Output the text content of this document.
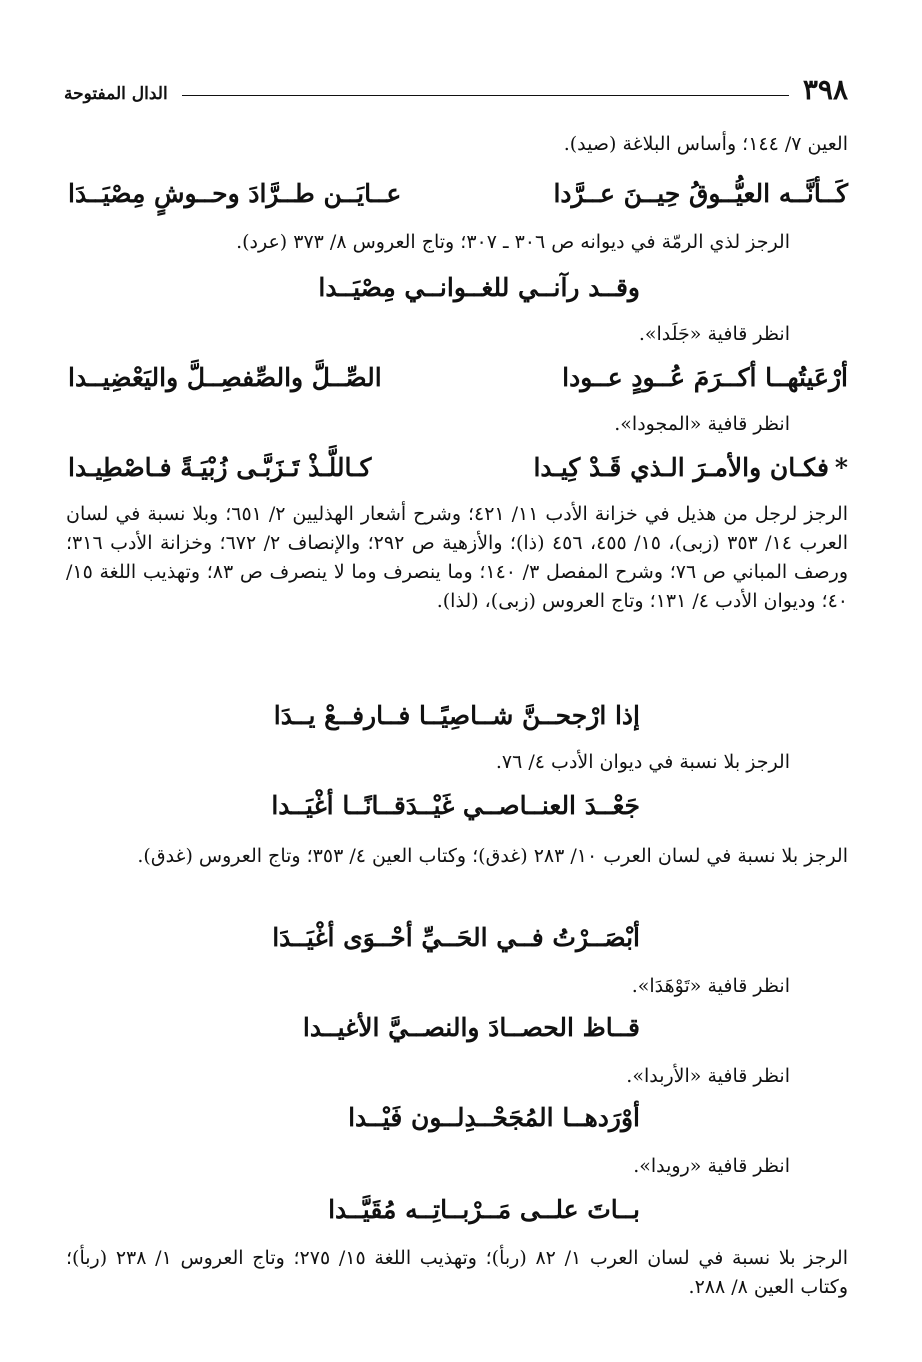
٣٩٨
الدال المفتوحة
العين ٧/ ١٤٤؛ وأساس البلاغة (صيد).
كَــأنَّــه العيُّــوقُ حِيــنَ عــرَّدا
عــايَــن طــرَّادَ وحــوشٍ مِصْيَــدَا
الرجز لذي الرمّة في ديوانه ص ٣٠٦ ـ ٣٠٧؛ وتاج العروس ٨/ ٣٧٣ (عرد).
وقــد رآنــي للغــوانــي مِصْيَــدا
انظر قافية «جَلَدا».
أرْعَيتُهــا أكــرَمَ عُــودٍ عــودا
الصِّــلَّ والصِّفصِــلَّ واليَعْضِيــدا
انظر قافية «المجودا».
*فكـان والأمـرَ الـذي قَـدْ كِيـدا
كـاللَّـذْ تَـزَبَّـى زُبْيَـةً فـاصْطِيـدا
الرجز لرجل من هذيل في خزانة الأدب ١١/ ٤٢١؛ وشرح أشعار الهذليين ٢/ ٦٥١؛ وبلا نسبة في لسان العرب ١٤/ ٣٥٣ (زبى)، ١٥/ ٤٥٥، ٤٥٦ (ذا)؛ والأزهية ص ٢٩٢؛ والإنصاف ٢/ ٦٧٢؛ وخزانة الأدب ٣١٦؛ ورصف المباني ص ٧٦؛ وشرح المفصل ٣/ ١٤٠؛ وما ينصرف وما لا ينصرف ص ٨٣؛ وتهذيب اللغة ١٥/ ٤٠؛ وديوان الأدب ٤/ ١٣١؛ وتاج العروس (زبى)، (لذا).
إذا ارْجحــنَّ شــاصِيًــا فــارفــعْ يــدَا
الرجز بلا نسبة في ديوان الأدب ٤/ ٧٦.
جَعْــدَ العنــاصــي غَيْــدَقــانًــا أغْيَــدا
الرجز بلا نسبة في لسان العرب ١٠/ ٢٨٣ (غدق)؛ وكتاب العين ٤/ ٣٥٣؛ وتاج العروس (غدق).
أبْصَــرْتُ فــي الحَــيِّ أحْــوَى أغْيَــدَا
انظر قافية «تَوْهَدَا».
قــاظ الحصــادَ والنصــيَّ الأغيــدا
انظر قافية «الأربدا».
أوْرَدهــا المُجَحْــدِلــون فَيْــدا
انظر قافية «رويدا».
بــاتَ علــى مَــرْبــاتِــه مُقَيَّــدا
الرجز بلا نسبة في لسان العرب ١/ ٨٢ (ربأ)؛ وتهذيب اللغة ١٥/ ٢٧٥؛ وتاج العروس ١/ ٢٣٨ (ربأ)؛ وكتاب العين ٨/ ٢٨٨.
